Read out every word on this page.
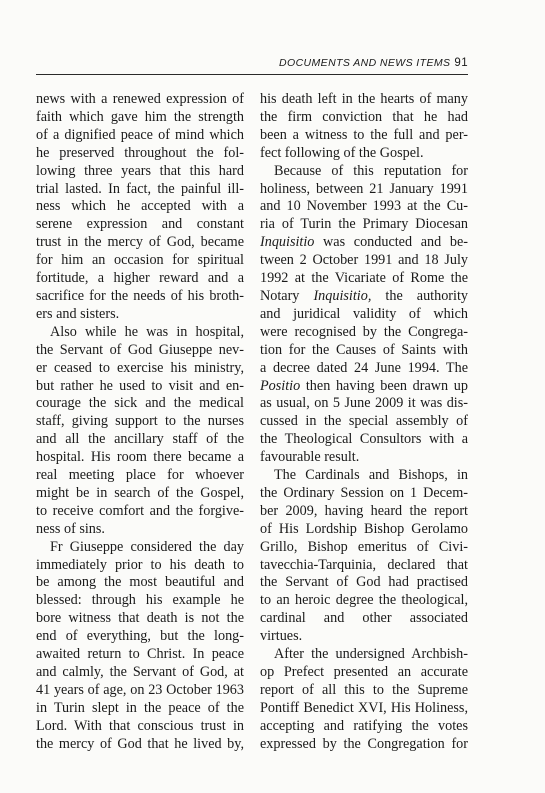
DOCUMENTS AND NEWS ITEMS 91
news with a renewed expression of
faith which gave him the strength
of a dignified peace of mind which
he preserved throughout the fol-
lowing three years that this hard
trial lasted. In fact, the painful ill-
ness which he accepted with a
serene expression and constant
trust in the mercy of God, became
for him an occasion for spiritual
fortitude, a higher reward and a
sacrifice for the needs of his broth-
ers and sisters.
Also while he was in hospital,
the Servant of God Giuseppe nev-
er ceased to exercise his ministry,
but rather he used to visit and en-
courage the sick and the medical
staff, giving support to the nurses
and all the ancillary staff of the
hospital. His room there became a
real meeting place for whoever
might be in search of the Gospel,
to receive comfort and the forgive-
ness of sins.
Fr Giuseppe considered the day
immediately prior to his death to
be among the most beautiful and
blessed: through his example he
bore witness that death is not the
end of everything, but the long-
awaited return to Christ. In peace
and calmly, the Servant of God, at
41 years of age, on 23 October 1963
in Turin slept in the peace of the
Lord. With that conscious trust in
the mercy of God that he lived by,
his death left in the hearts of many
the firm conviction that he had
been a witness to the full and per-
fect following of the Gospel.
Because of this reputation for
holiness, between 21 January 1991
and 10 November 1993 at the Cu-
ria of Turin the Primary Diocesan
Inquisitio was conducted and be-
tween 2 October 1991 and 18 July
1992 at the Vicariate of Rome the
Notary Inquisitio, the authority
and juridical validity of which
were recognised by the Congrega-
tion for the Causes of Saints with
a decree dated 24 June 1994. The
Positio then having been drawn up
as usual, on 5 June 2009 it was dis-
cussed in the special assembly of
the Theological Consultors with a
favourable result.
The Cardinals and Bishops, in
the Ordinary Session on 1 Decem-
ber 2009, having heard the report
of His Lordship Bishop Gerolamo
Grillo, Bishop emeritus of Civi-
tavecchia-Tarquinia, declared that
the Servant of God had practised
to an heroic degree the theological,
cardinal and other associated
virtues.
After the undersigned Archbish-
op Prefect presented an accurate
report of all this to the Supreme
Pontiff Benedict XVI, His Holiness,
accepting and ratifying the votes
expressed by the Congregation for
